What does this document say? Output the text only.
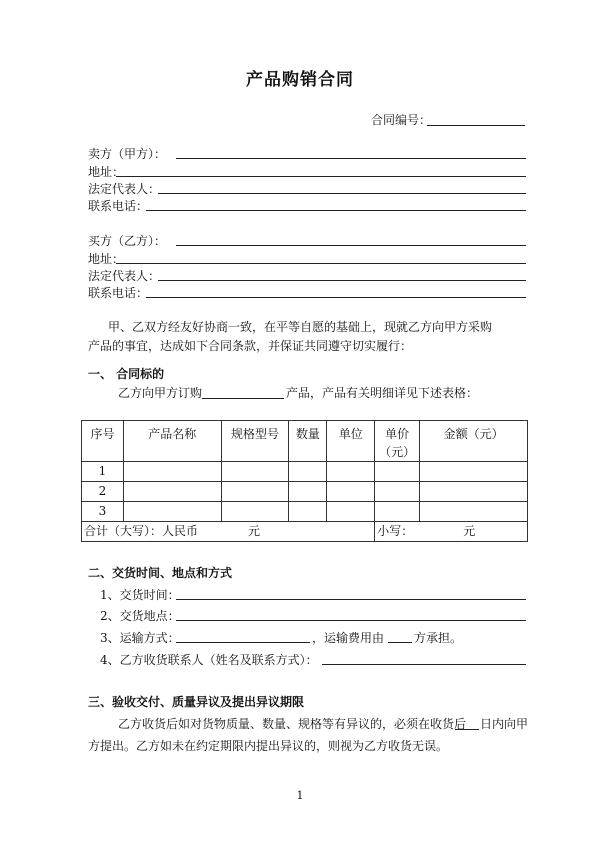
产品购销合同
合同编号：
卖方（甲方）：
地址：
法定代表人：
联系电话：
买方（乙方）：
地址：
法定代表人：
联系电话：
甲、乙双方经友好协商一致，在平等自愿的基础上，现就乙方向甲方采购
产品的事宜，达成如下合同条款，并保证共同遵守切实履行：
一、 合同标的
乙方向甲方订购	产品，产品有关明细详见下述表格：
序号	产品名称	规格型号	数量	单位	单价（元）	金额（元）
1						
2						
3						
合计（大写）：人民币 元					小写： 元	
二、交货时间、地点和方式
1、交货时间：
2、交货地点：
3、运输方式：	，运输费用由 方承担。
4、乙方收货联系人（姓名及联系方式）：
三、验收交付、质量异议及提出异议期限
乙方收货后如对货物质量、数量、规格等有异议的，必须在收货后 日内向甲
方提出。乙方如未在约定期限内提出异议的，则视为乙方收货无误。
1
